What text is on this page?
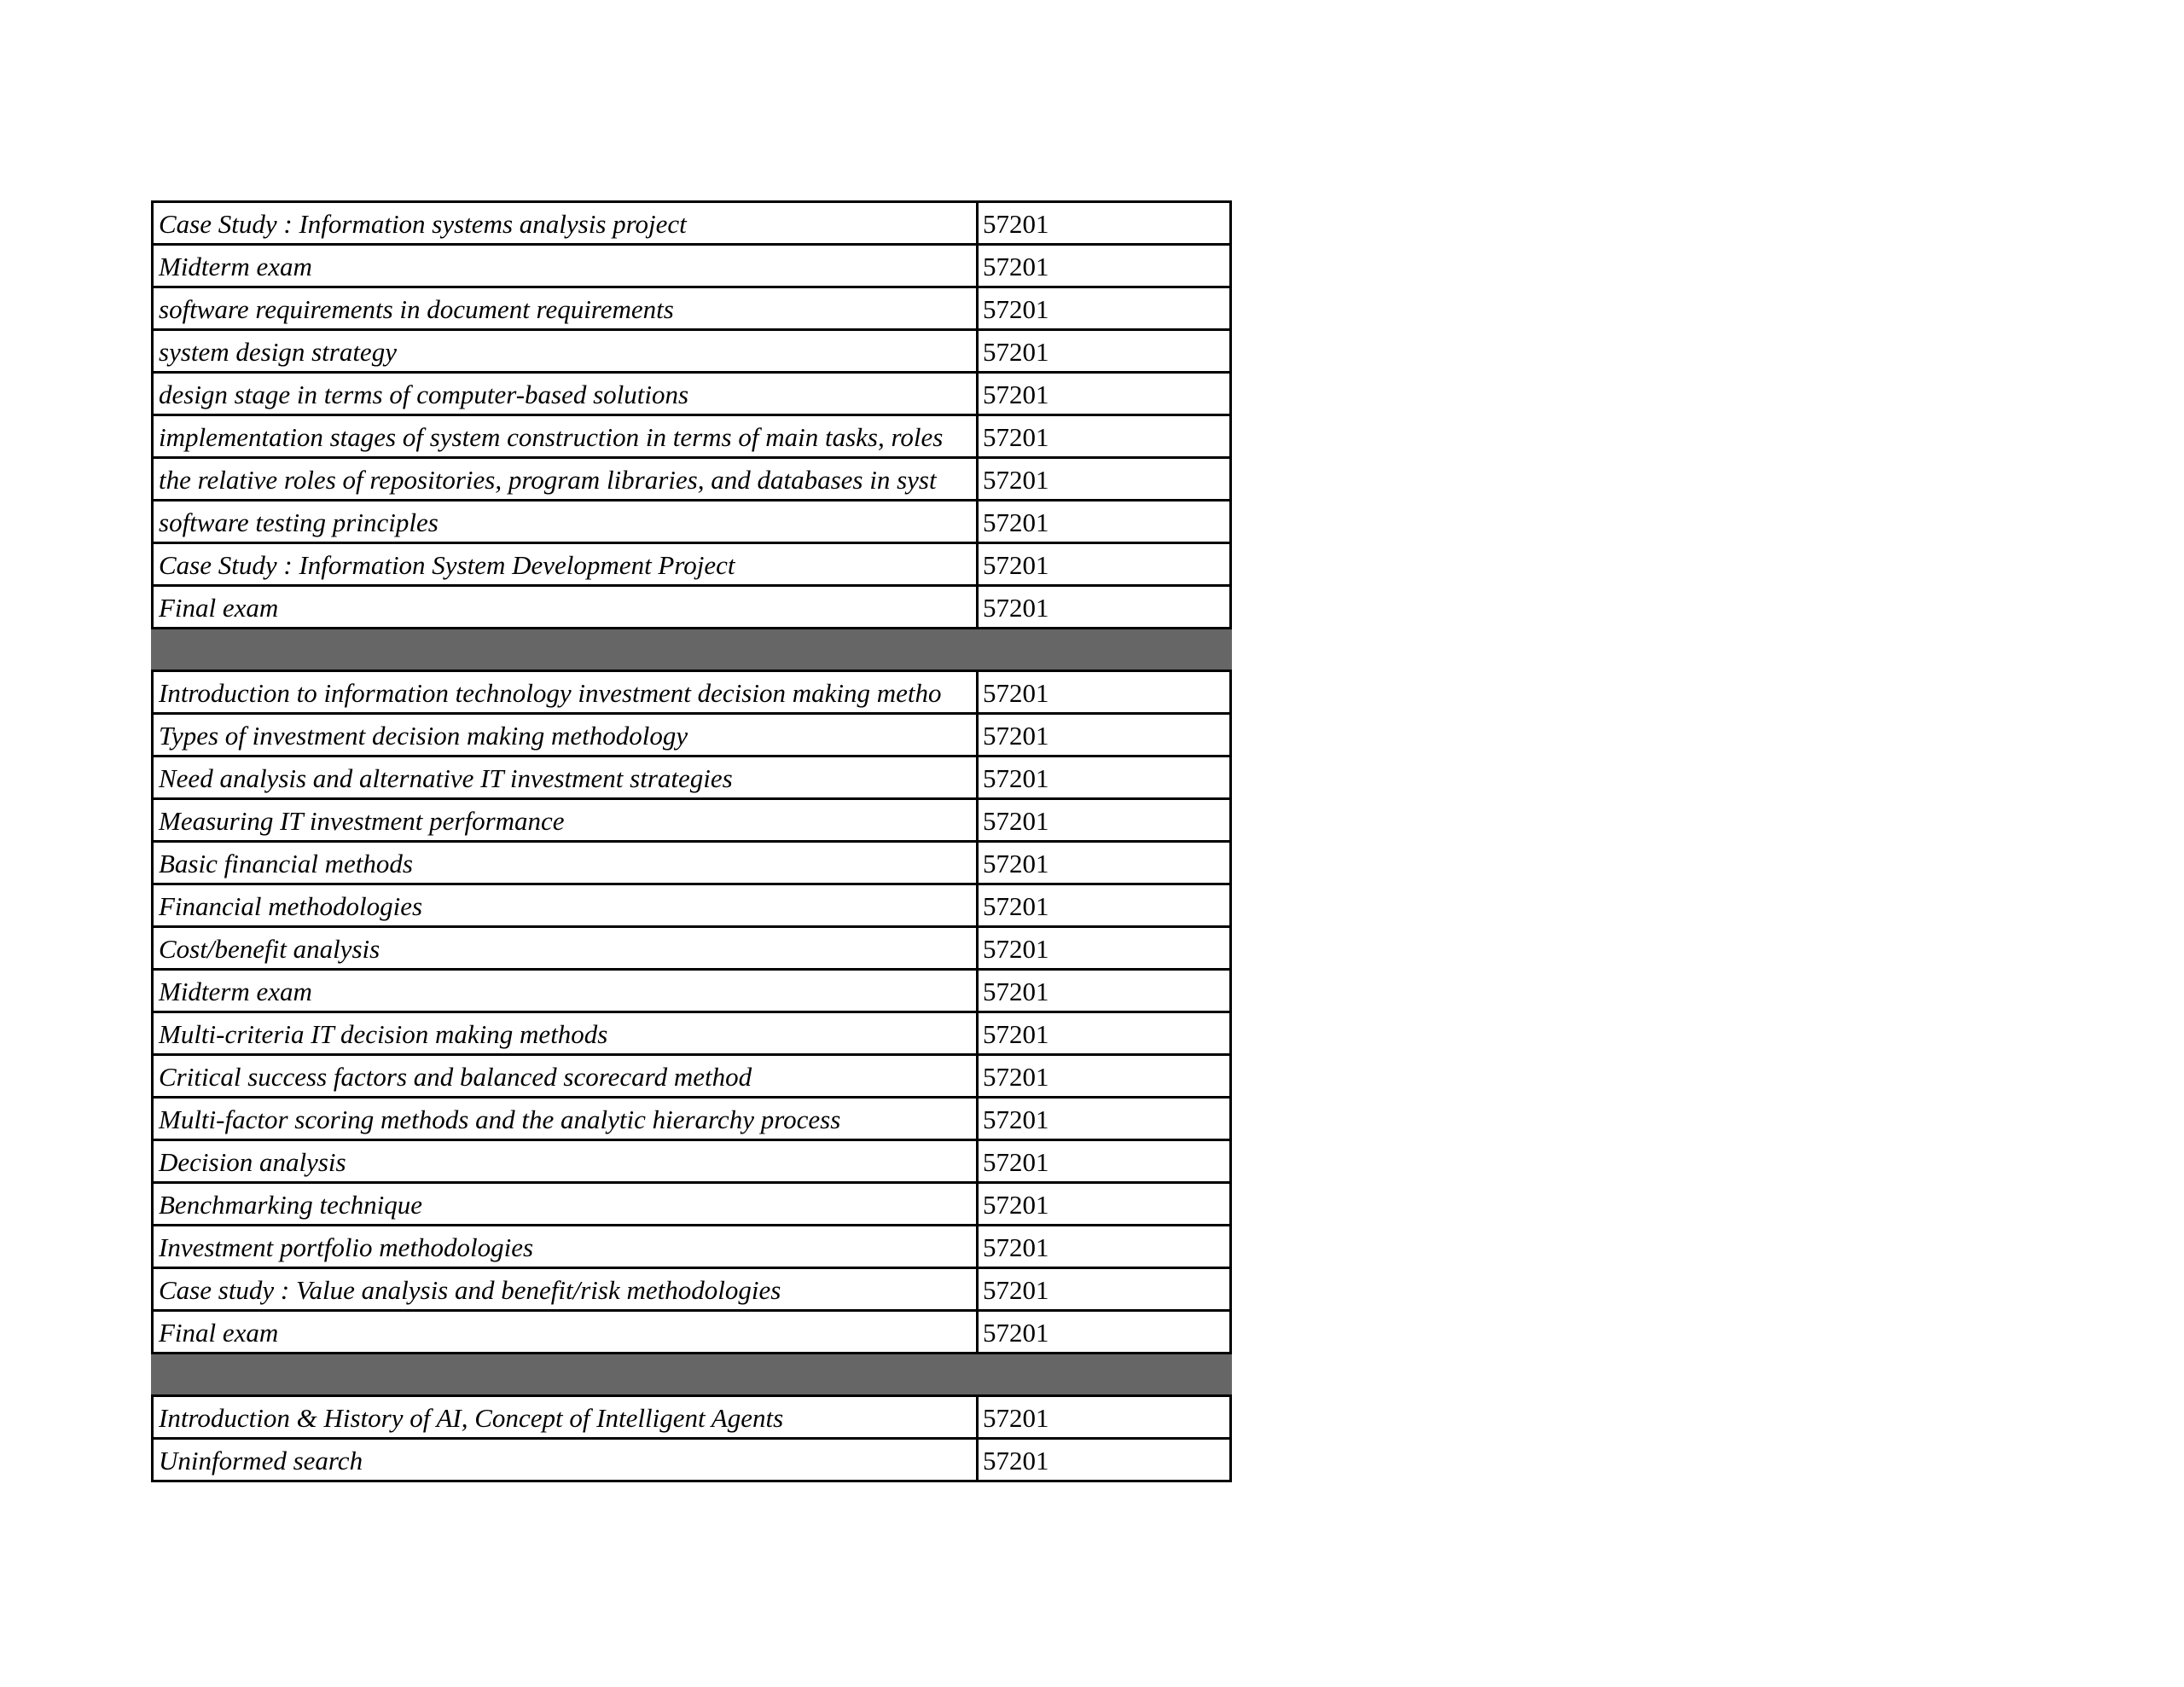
Case Study : Information systems analysis project	57201
Midterm exam	57201
software requirements in document requirements	57201
system design strategy	57201
design stage in terms of computer-based solutions	57201
implementation stages of system construction in terms of main tasks, roles	57201
the relative roles of repositories, program libraries, and databases in syst	57201
software testing principles	57201
Case Study : Information System Development Project	57201
Final exam	57201

Introduction to information technology investment decision making metho	57201
Types of investment decision making methodology	57201
Need analysis and alternative IT investment strategies	57201
Measuring IT investment performance	57201
Basic financial methods	57201
Financial methodologies	57201
Cost/benefit analysis	57201
Midterm exam	57201
Multi-criteria IT decision making methods	57201
Critical success factors and balanced scorecard method	57201
Multi-factor scoring methods and the analytic hierarchy process	57201
Decision analysis	57201
Benchmarking technique	57201
Investment portfolio methodologies	57201
Case study : Value analysis and benefit/risk methodologies	57201
Final exam	57201

Introduction & History of AI, Concept of Intelligent Agents	57201
Uninformed search	57201
